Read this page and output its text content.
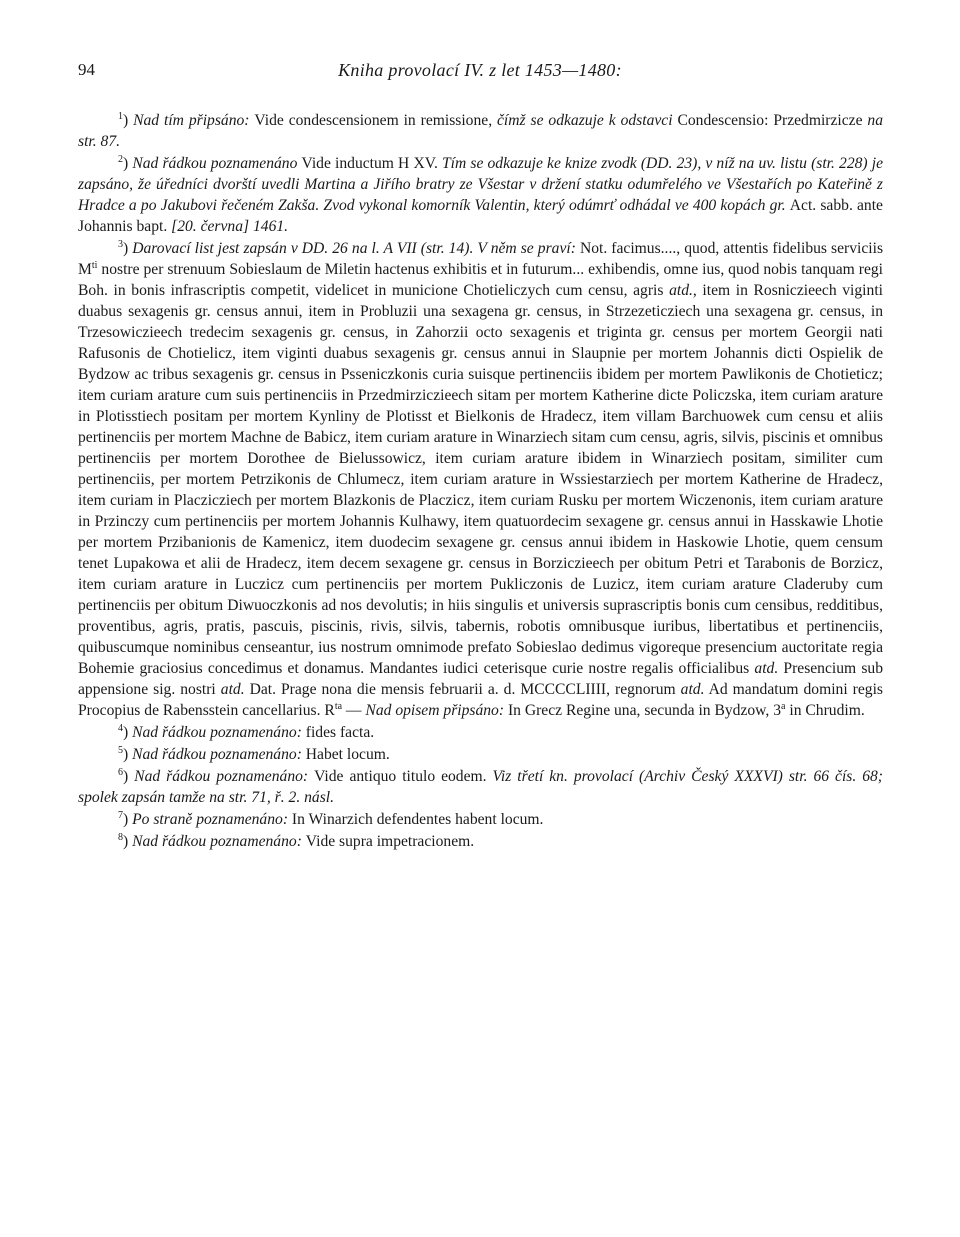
94	Kniha provolací IV. z let 1453—1480:

$^1$) Nad tím připsáno: Vide condescensionem in remissione, čímž se odkazuje k odstavci Condescensio: Przedmirzicze na str. 87.

$^2$) Nad řádkou poznamenáno Vide inductum H XV. Tím se odkazuje ke knize zvodk (DD. 23), v níž na uv. listu (str. 228) je zapsáno, že úředníci dvorští uvedli Martina a Jiřího bratry ze Všestar v držení statku odumřelého ve Všestařích po Kateřině z Hradce a po Jakubovi řečeném Zakša. Zvod vykonal komorník Valentin, který odúmrť odhádal ve 400 kopách gr. Act. sabb. ante Johannis bapt. [20. června] 1461.

$^3$) Darovací list jest zapsán v DD. 26 na l. A VII (str. 14). V něm se praví: Not. facimus...., quod, attentis fidelibus serviciis $M^{ti}$ nostre per strenuum Sobieslaum de Miletin hactenus exhibitis et in futurum... exhibendis, omne ius, quod nobis tanquam regi Boh. in bonis infrascriptis competit, videlicet in municione Chotieliczych cum censu, agris atd., item in Rosniczieech viginti duabus sexagenis gr. census annui, item in Probluzii una sexagena gr. census, in Strzezeticziech una sexagena gr. census, in Trzesowiczieech tredecim sexagenis gr. census, in Zahorzii octo sexagenis et triginta gr. census per mortem Georgii nati Rafusonis de Chotielicz, item viginti duabus sexagenis gr. census annui in Slaupnie per mortem Johannis dicti Ospielik de Bydzow ac tribus sexagenis gr. census in Psseniczkonis curia suisque pertinenciis ibidem per mortem Pawlikonis de Chotieticz; item curiam arature cum suis pertinenciis in Przedmirziczieech sitam per mortem Katherine dicte Policzska, item curiam arature in Plotisstiech positam per mortem Kynliny de Plotisst et Bielkonis de Hradecz, item villam Barchuowek cum censu et aliis pertinenciis per mortem Machne de Babicz, item curiam arature in Winarziech sitam cum censu, agris, silvis, piscinis et omnibus pertinenciis per mortem Dorothee de Bielussowicz, item curiam arature ibidem in Winarziech positam, similiter cum pertinenciis, per mortem Petrzikonis de Chlumecz, item curiam arature in Wssiestarziech per mortem Katherine de Hradecz, item curiam in Placzicziech per mortem Blazkonis de Placzicz, item curiam Rusku per mortem Wiczenonis, item curiam arature in Przinczy cum pertinenciis per mortem Johannis Kulhawy, item quatuordecim sexagene gr. census annui in Hasskawie Lhotie per mortem Przibanionis de Kamenicz, item duodecim sexagene gr. census annui ibidem in Haskowie Lhotie, quem censum tenet Lupakowa et alii de Hradecz, item decem sexagene gr. census in Borziczieech per obitum Petri et Tarabonis de Borzicz, item curiam arature in Luczicz cum pertinenciis per mortem Pukliczonis de Luzicz, item curiam arature Claderuby cum pertinenciis per obitum Diwuoczkonis ad nos devolutis; in hiis singulis et universis suprascriptis bonis cum censibus, redditibus, proventibus, agris, pratis, pascuis, piscinis, rivis, silvis, tabernis, robotis omnibusque iuribus, libertatibus et pertinenciis, quibuscumque nominibus censeantur, ius nostrum omnimode prefato Sobieslao dedimus vigoreque presencium auctoritate regia Bohemie graciosius concedimus et donamus. Mandantes iudici ceterisque curie nostre regalis officialibus atd. Presencium sub appensione sig. nostri atd. Dat. Prage nona die mensis februarii a. d. MCCCCLIIII, regnorum atd. Ad mandatum domini regis Procopius de Rabensstein cancellarius. $R^{ta}$ — Nad opisem připsáno: In Grecz Regine una, secunda in Bydzow, 3$^a$ in Chrudim.

$^4$) Nad řádkou poznamenáno: fides facta.

$^5$) Nad řádkou poznamenáno: Habet locum.

$^6$) Nad řádkou poznamenáno: Vide antiquo titulo eodem. Viz třetí kn. provolací (Archiv Český XXXVI) str. 66 čís. 68; spolek zapsán tamže na str. 71, ř. 2. násl.

$^7$) Po straně poznamenáno: In Winarzich defendentes habent locum.

$^8$) Nad řádkou poznamenáno: Vide supra impetracionem.
